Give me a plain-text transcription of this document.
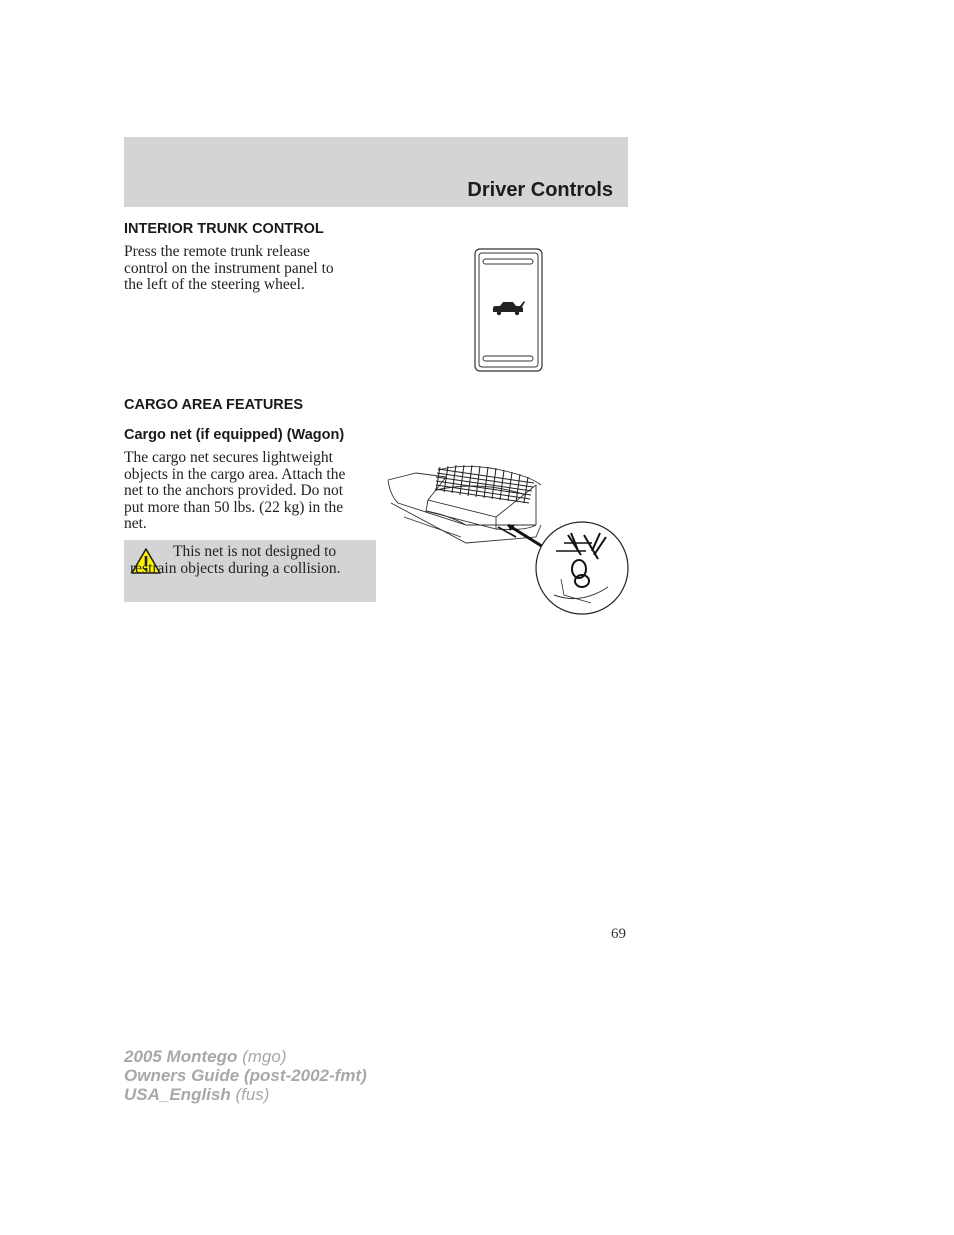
Driver Controls
INTERIOR TRUNK CONTROL
Press the remote trunk release
control on the instrument panel to
the left of the steering wheel.
CARGO AREA FEATURES
Cargo net (if equipped) (Wagon)
The cargo net secures lightweight
objects in the cargo area. Attach the
net to the anchors provided. Do not
put more than 50 lbs. (22 kg) in the
net.
This net is not designed to restrain objects during a collision.
69
2005 Montego (mgo)
Owners Guide (post-2002-fmt)
USA_English (fus)
